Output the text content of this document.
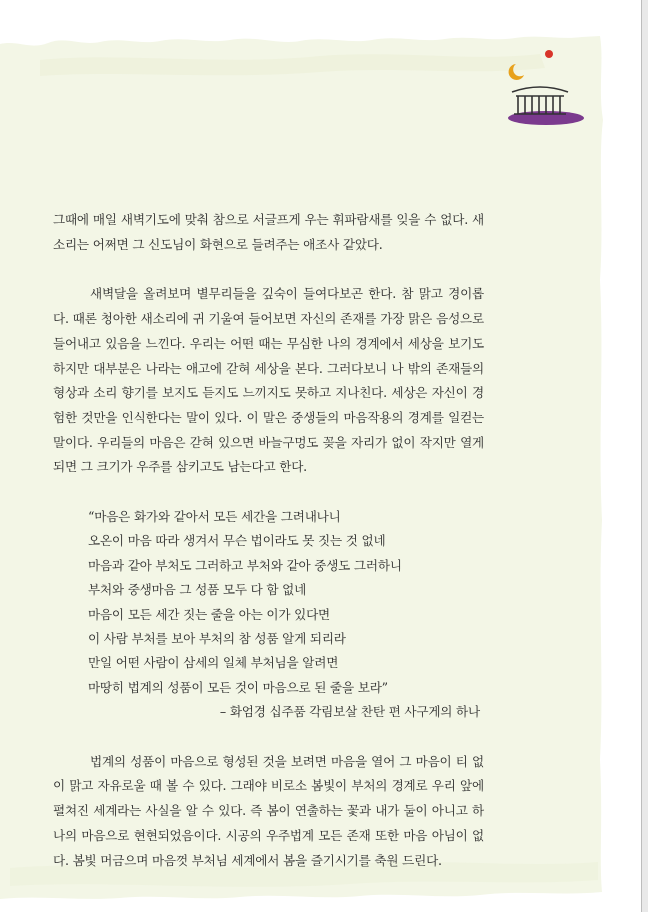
그때에 매일 새벽기도에 맞춰 참으로 서글프게 우는 휘파람새를 잊을 수 없다. 새소리는 어쩌면 그 신도님이 화현으로 들려주는 애조사 같았다.

새벽달을 올려보며 별무리들을 깊숙이 들여다보곤 한다. 참 맑고 경이롭다. 때론 청아한 새소리에 귀 기울여 들어보면 자신의 존재를 가장 맑은 음성으로 들어내고 있음을 느낀다. 우리는 어떤 때는 무심한 나의 경계에서 세상을 보기도 하지만 대부분은 나라는 애고에 갇혀 세상을 본다. 그러다보니 나 밖의 존재들의 형상과 소리 향기를 보지도 듣지도 느끼지도 못하고 지나친다. 세상은 자신이 경험한 것만을 인식한다는 말이 있다. 이 말은 중생들의 마음작용의 경계를 일컫는 말이다. 우리들의 마음은 갇혀 있으면 바늘구멍도 꽂을 자리가 없이 작지만 열게 되면 그 크기가 우주를 삼키고도 남는다고 한다.

“마음은 화가와 같아서 모든 세간을 그려내나니

오온이 마음 따라 생겨서 무슨 법이라도 못 짓는 것 없네

마음과 같아 부처도 그러하고 부처와 같아 중생도 그러하니

부처와 중생마음 그 성품 모두 다 함 없네

마음이 모든 세간 짓는 줄을 아는 이가 있다면

이 사람 부처를 보아 부처의 참 성품 알게 되리라

만일 어떤 사람이 삼세의 일체 부처님을 알려면

마땅히 법계의 성품이 모든 것이 마음으로 된 줄을 보라”

– 화엄경 십주품 각림보살 찬탄 편 사구게의 하나

법계의 성품이 마음으로 형성된 것을 보려면 마음을 열어 그 마음이 티 없이 맑고 자유로울 때 볼 수 있다. 그래야 비로소 봄빛이 부처의 경계로 우리 앞에 펼쳐진 세계라는 사실을 알 수 있다. 즉 봄이 연출하는 꽃과 내가 둘이 아니고 하나의 마음으로 현현되었음이다. 시공의 우주법계 모든 존재 또한 마음 아님이 없다. 봄빛 머금으며 마음껏 부처님 세계에서 봄을 즐기시기를 축원 드린다.
